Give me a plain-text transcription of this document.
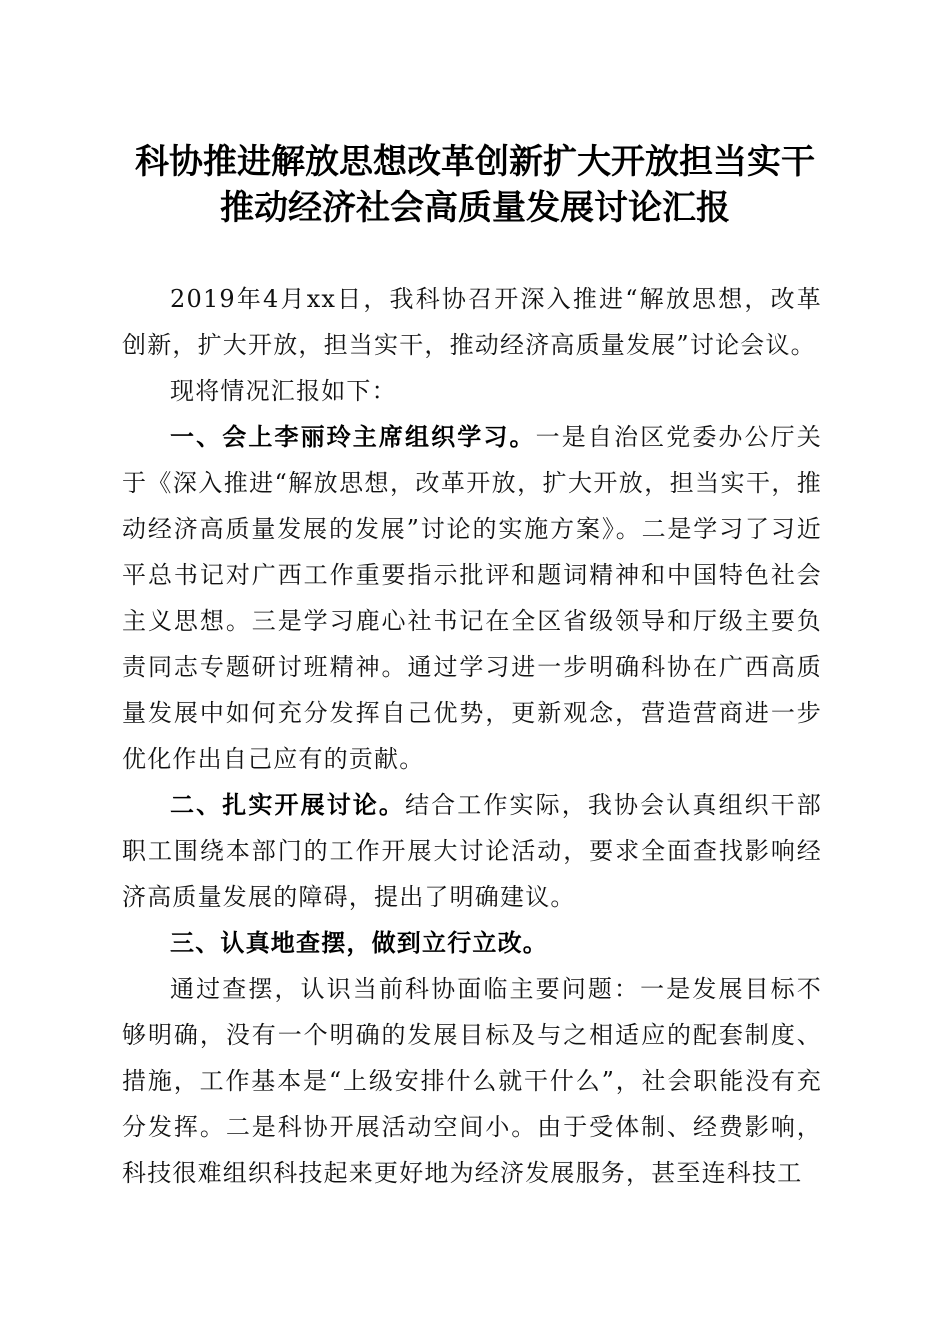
科协推进解放思想改革创新扩大开放担当实干
推动经济社会高质量发展讨论汇报

2019年4月xx日，我科协召开深入推进“解放思想，改革创新，扩大开放，担当实干，推动经济高质量发展”讨论会议。

现将情况汇报如下：

一、会上李丽玲主席组织学习。一是自治区党委办公厅关于《深入推进“解放思想，改革开放，扩大开放，担当实干，推动经济高质量发展的发展”讨论的实施方案》。二是学习了习近平总书记对广西工作重要指示批评和题词精神和中国特色社会主义思想。三是学习鹿心社书记在全区省级领导和厅级主要负责同志专题研讨班精神。通过学习进一步明确科协在广西高质量发展中如何充分发挥自己优势，更新观念，营造营商进一步优化作出自己应有的贡献。

二、扎实开展讨论。结合工作实际，我协会认真组织干部职工围绕本部门的工作开展大讨论活动，要求全面查找影响经济高质量发展的障碍，提出了明确建议。

三、认真地查摆，做到立行立改。

通过查摆，认识当前科协面临主要问题：一是发展目标不够明确，没有一个明确的发展目标及与之相适应的配套制度、措施，工作基本是“上级安排什么就干什么”，社会职能没有充分发挥。二是科协开展活动空间小。由于受体制、经费影响，科技很难组织科技起来更好地为经济发展服务，甚至连科技工
